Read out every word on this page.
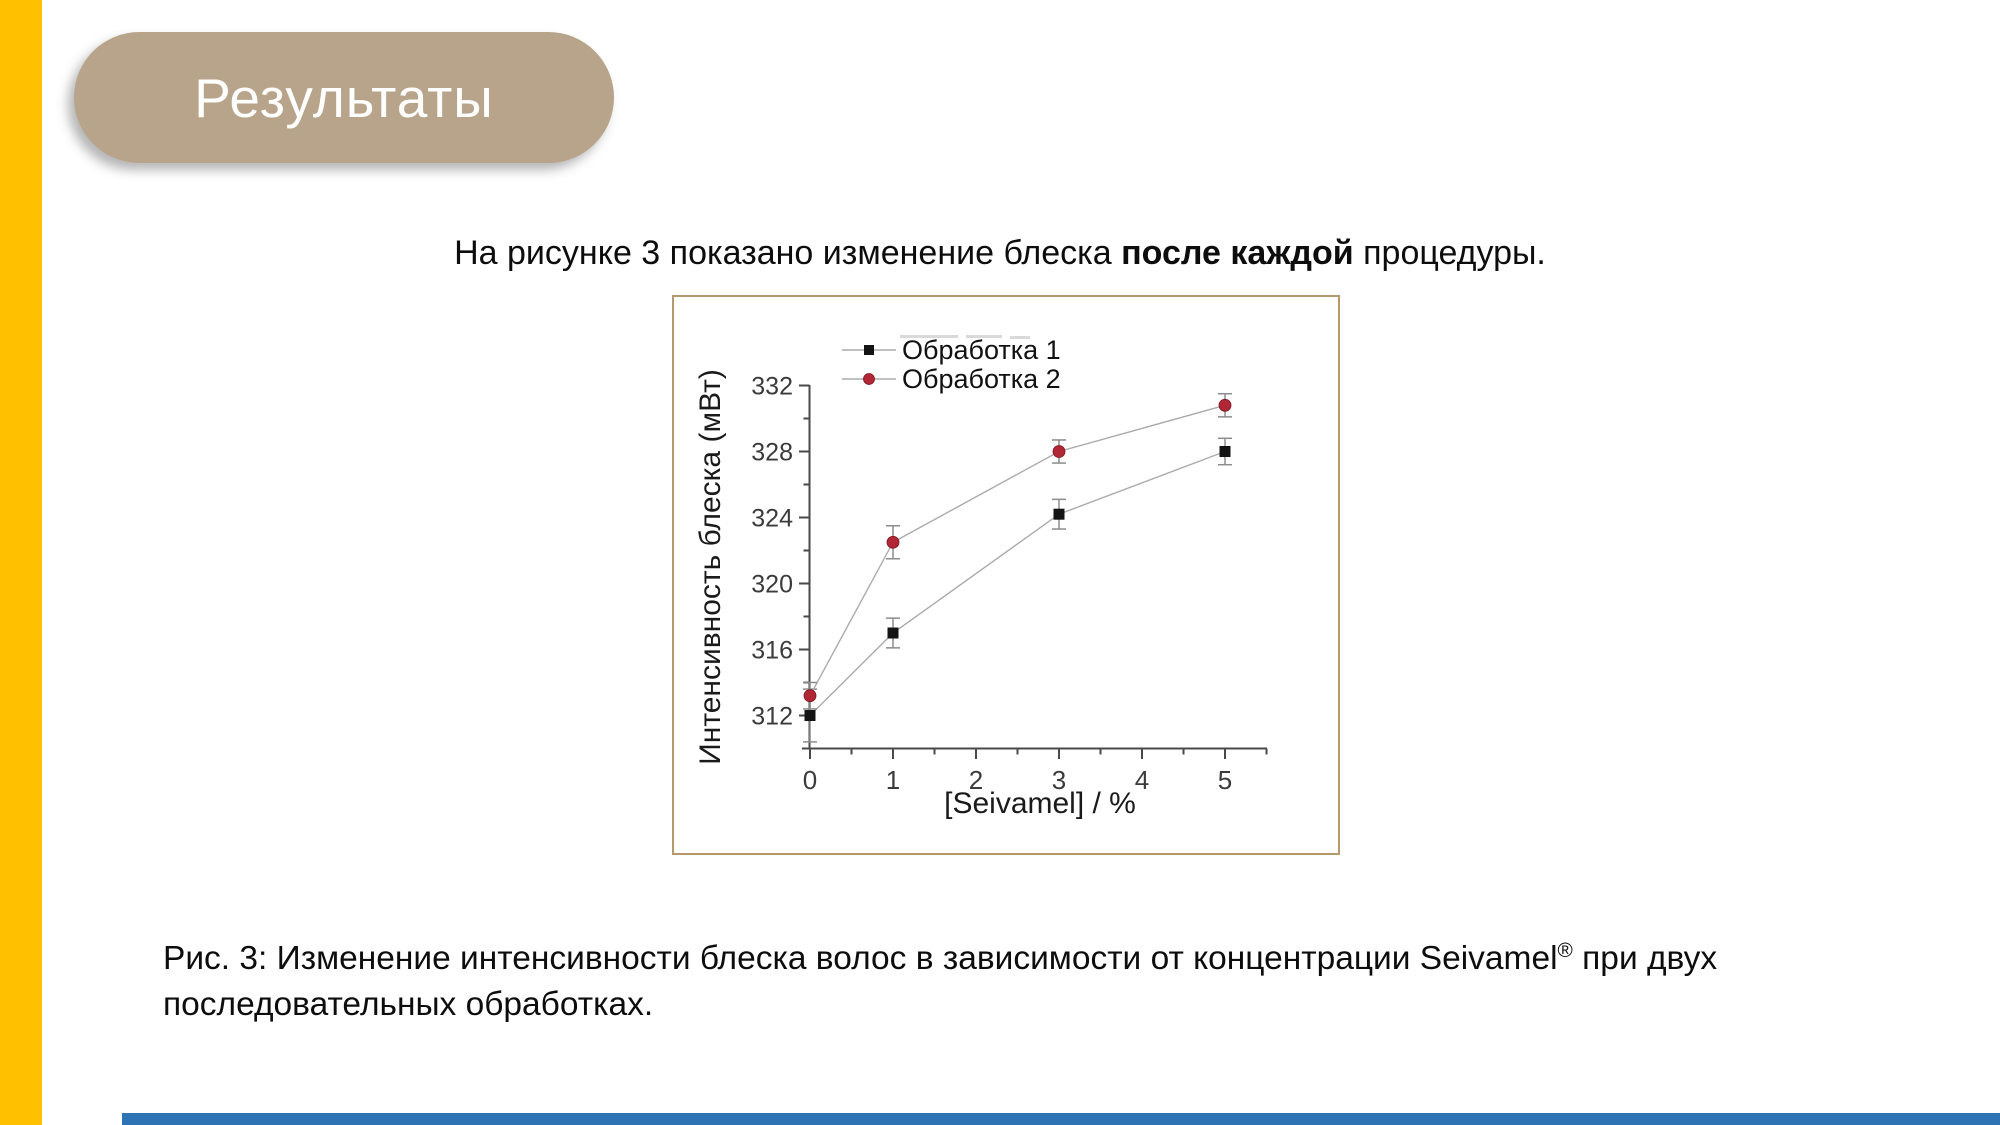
Результаты
На рисунке 3 показано изменение блеска после каждой процедуры.
312
316
320
324
328
332
0	1	2	3	4	5
Интенсивность блеска (мВт)
[Seivamel] / %
Обработка 1
Обработка 2
Рис. 3: Изменение интенсивности блеска волос в зависимости от концентрации Seivamel® при двух
последовательных обработках.
